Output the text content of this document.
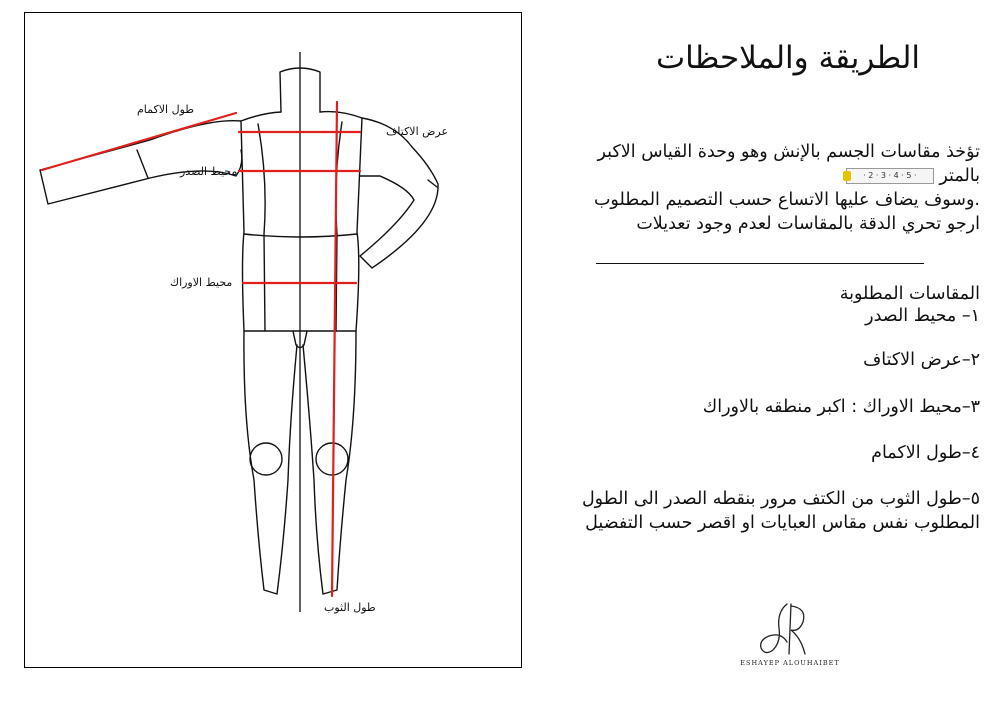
طول الاكمام
عرض الاكتاف
محيط الصدر
محيط الاوراك
طول الثوب
الطريقة والملاحظات

تؤخذ مقاسات الجسم بالإنش وهو وحدة القياس الاكبر

بالمتر
· 2 · 3 · 4 · 5 ·

.وسوف يضاف عليها الاتساع حسب التصميم المطلوب

ارجو تحري الدقة بالمقاسات لعدم وجود تعديلات

المقاسات المطلوبة
١– محيط الصدر
٢–عرض الاكتاف
٣–محيط الاوراك : اكبر منطقه بالاوراك
٤–طول الاكمام
٥–طول الثوب من الكتف مرور بنقطه الصدر الى الطول
المطلوب نفس مقاس العبايات او اقصر حسب التفضيل
ESHAYEP ALOUHAIBET
